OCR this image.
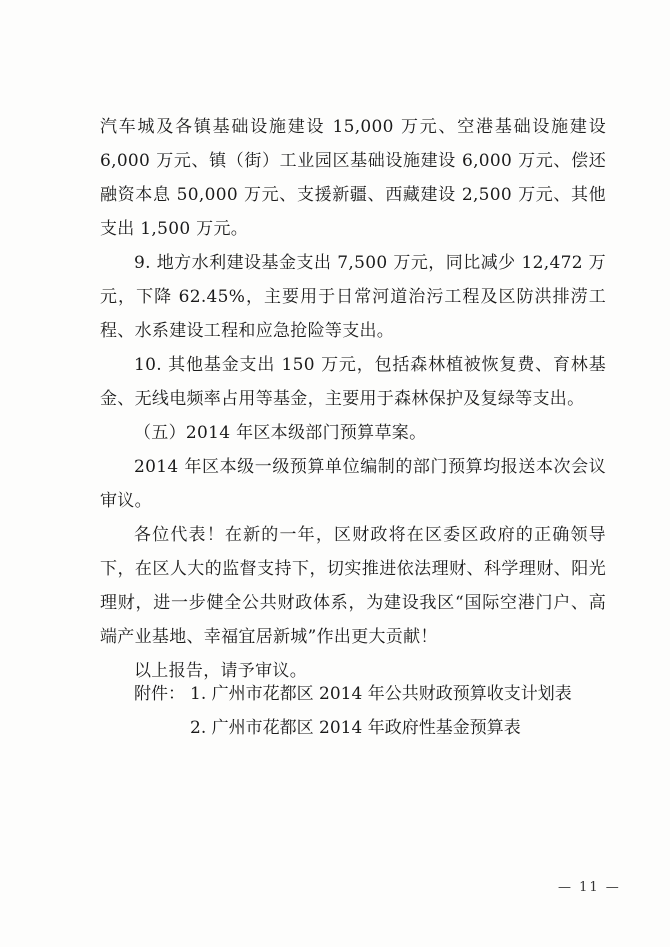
汽车城及各镇基础设施建设 15,000 万元、空港基础设施建设 6,000 万元、镇（街）工业园区基础设施建设 6,000 万元、偿还融资本息 50,000 万元、支援新疆、西藏建设 2,500 万元、其他支出 1,500 万元。

9. 地方水利建设基金支出 7,500 万元，同比减少 12,472 万元，下降 62.45%，主要用于日常河道治污工程及区防洪排涝工程、水系建设工程和应急抢险等支出。

10. 其他基金支出 150 万元，包括森林植被恢复费、育林基金、无线电频率占用等基金，主要用于森林保护及复绿等支出。

（五）2014 年区本级部门预算草案。

2014 年区本级一级预算单位编制的部门预算均报送本次会议审议。

各位代表！在新的一年，区财政将在区委区政府的正确领导下，在区人大的监督支持下，切实推进依法理财、科学理财、阳光理财，进一步健全公共财政体系，为建设我区“国际空港门户、高端产业基地、幸福宜居新城”作出更大贡献！

以上报告，请予审议。

附件： 1. 广州市花都区 2014 年公共财政预算收支计划表
2. 广州市花都区 2014 年政府性基金预算表
— 11 —
